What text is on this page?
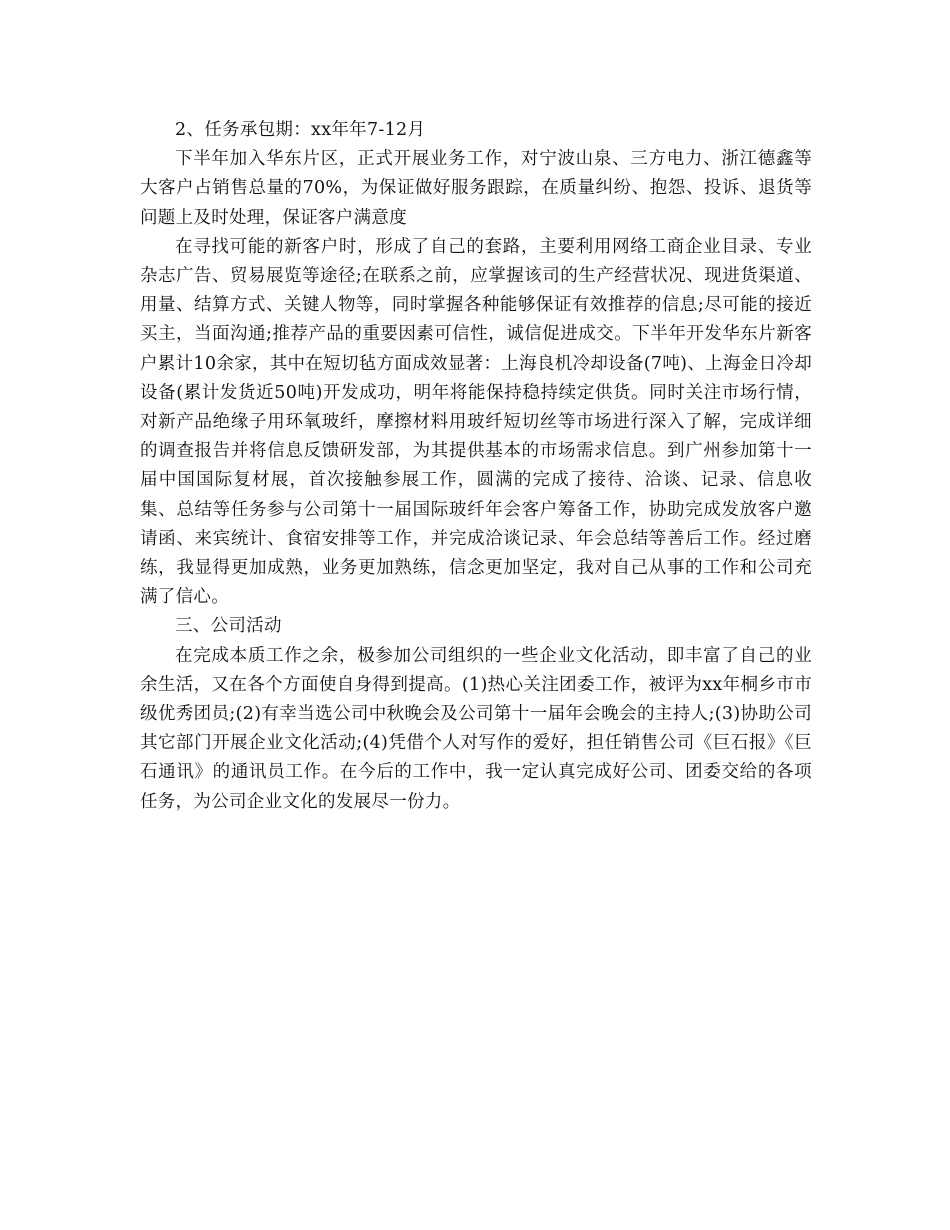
2、任务承包期：xx年年7-12月

下半年加入华东片区，正式开展业务工作，对宁波山泉、三方电力、浙江德鑫等大客户占销售总量的70%，为保证做好服务跟踪，在质量纠纷、抱怨、投诉、退货等问题上及时处理，保证客户满意度

在寻找可能的新客户时，形成了自己的套路，主要利用网络工商企业目录、专业杂志广告、贸易展览等途径;在联系之前，应掌握该司的生产经营状况、现进货渠道、用量、结算方式、关键人物等，同时掌握各种能够保证有效推荐的信息;尽可能的接近买主，当面沟通;推荐产品的重要因素可信性，诚信促进成交。下半年开发华东片新客户累计10余家，其中在短切毡方面成效显著：上海良机冷却设备(7吨)、上海金日冷却设备(累计发货近50吨)开发成功，明年将能保持稳持续定供货。同时关注市场行情，对新产品绝缘子用环氧玻纤，摩擦材料用玻纤短切丝等市场进行深入了解，完成详细的调查报告并将信息反馈研发部，为其提供基本的市场需求信息。到广州参加第十一届中国国际复材展，首次接触参展工作，圆满的完成了接待、洽谈、记录、信息收集、总结等任务参与公司第十一届国际玻纤年会客户筹备工作，协助完成发放客户邀请函、来宾统计、食宿安排等工作，并完成洽谈记录、年会总结等善后工作。经过磨练，我显得更加成熟，业务更加熟练，信念更加坚定，我对自己从事的工作和公司充满了信心。

三、公司活动

在完成本质工作之余，极参加公司组织的一些企业文化活动，即丰富了自己的业余生活，又在各个方面使自身得到提高。(1)热心关注团委工作，被评为xx年桐乡市市级优秀团员;(2)有幸当选公司中秋晚会及公司第十一届年会晚会的主持人;(3)协助公司其它部门开展企业文化活动;(4)凭借个人对写作的爱好，担任销售公司《巨石报》《巨石通讯》的通讯员工作。在今后的工作中，我一定认真完成好公司、团委交给的各项任务，为公司企业文化的发展尽一份力。
